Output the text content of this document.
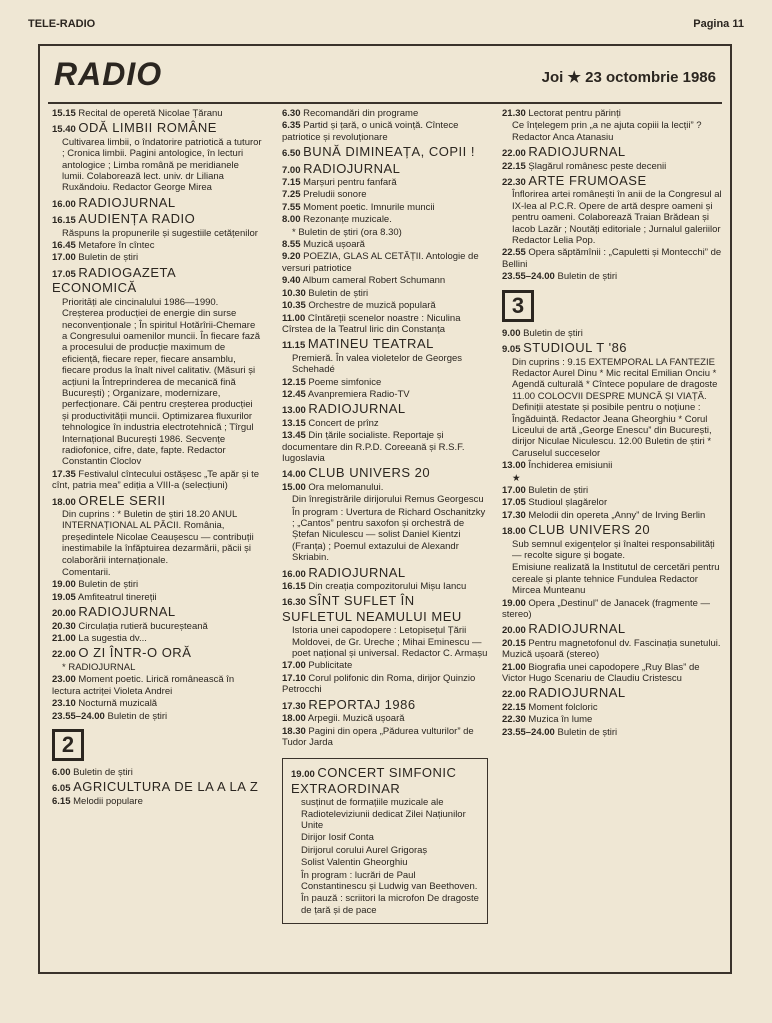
TELE-RADIO	Pagina 11
RADIO	Joi ★ 23 octombrie 1986
15.15 Recital de operetă Nicolae Țăranu
15.40 ODĂ LIMBII ROMÂNE
Cultivarea limbii, o îndatorire patriotică a tuturor ; Cronica limbii. Pagini antologice, în lecturi antologice ; Limba română pe meridianele lumii. Colaborează lect. univ. dr Liliana Ruxăndoiu. Redactor George Mirea
16.00 RADIOJURNAL
16.15 AUDIENȚA RADIO
Răspuns la propunerile și sugestiile cetățenilor
16.45 Metafore în cîntec
17.00 Buletin de știri
17.05 RADIOGAZETA ECONOMICĂ
Prioritāți ale cincinalului 1986—1990. Creșterea producției de energie din surse neconvenționale ; În spiritul Hotărîrii-Chemare a Congresului oamenilor muncii. În fiecare fază a procesului de producție maximum de eficiență, fiecare reper, fiecare ansamblu, fiecare produs la înalt nivel calitativ. (Măsuri și acțiuni la Întreprinderea de mecanică fină București) ; Organizare, modernizare, perfecționare. Căi pentru creșterea producției și productivității muncii. Optimizarea fluxurilor tehnologice în industria electrotehnică ; Tîrgul Internațional București 1986. Secvențe radiofonice, cifre, date, fapte. Redactor Constantin Cloclov
17.35 Festivalul cîntecului ostășesc „Te apăr și te cînt, patria mea” ediția a VIII-a (selecțiuni)
18.00 ORELE SERII
Din cuprins : * Buletin de știri 18.20 ANUL INTERNAȚIONAL AL PĂCII. România, președintele Nicolae Ceaușescu — contribuții inestimabile la înfăptuirea dezarmării, păcii și colaborării internaționale.
Comentarii.
19.00 Buletin de știri
19.05 Amfiteatrul tinereții
20.00 RADIOJURNAL
20.30 Circulația rutieră bucureșteană
21.00 La sugestia dv...
22.00 O ZI ÎNTR-O ORĂ
* RADIOJURNAL
23.00 Moment poetic. Lirică românească în lectura actriței Violeta Andrei
23.10 Nocturnă muzicală
23.55–24.00 Buletin de știri
2
6.00 Buletin de știri
6.05 AGRICULTURA DE LA A LA Z
6.15 Melodii populare
6.30 Recomandări din programe
6.35 Partid și țară, o unică voință. Cîntece patriotice și revoluționare
6.50 BUNĂ DIMINEAȚA, COPII !
7.00 RADIOJURNAL
7.15 Marșuri pentru fanfară
7.25 Preludii sonore
7.55 Moment poetic. Imnurile muncii
8.00 Rezonanțe muzicale.
* Buletin de știri (ora 8.30)
8.55 Muzică ușoară
9.20 POEZIA, GLAS AL CETĂȚII. Antologie de versuri patriotice
9.40 Album cameral Robert Schumann
10.30 Buletin de știri
10.35 Orchestre de muzică populară
11.00 Cîntăreții scenelor noastre : Niculina Cîrstea de la Teatrul liric din Constanța
11.15 MATINEU TEATRAL
Premieră. În valea violetelor de Georges Schehadé
12.15 Poeme simfonice
12.45 Avanpremiera Radio-TV
13.00 RADIOJURNAL
13.15 Concert de prînz
13.45 Din țările socialiste. Reportaje și documentare din R.P.D. Coreeană și R.S.F. Iugoslavia
14.00 CLUB UNIVERS 20
15.00 Ora melomanului.
Din înregistrările dirijorului Remus Georgescu
În program : Uvertura de Richard Oschanitzky ; „Cantos” pentru saxofon și orchestră de Ștefan Niculescu — solist Daniel Kientzi (Franța) ; Poemul extazului de Alexandr Skriabin.
16.00 RADIOJURNAL
16.15 Din creația compozitorului Mișu Iancu
16.30 SÎNT SUFLET ÎN SUFLETUL NEAMULUI MEU
Istoria unei capodopere : Letopisețul Țării Moldovei, de Gr. Ureche ; Mihai Eminescu — poet național și universal. Redactor C. Armașu
17.00 Publicitate
17.10 Corul polifonic din Roma, dirijor Quinzio Petrocchi
17.30 REPORTAJ 1986
18.00 Arpegii. Muzică ușoară
18.30 Pagini din opera „Pădurea vulturilor” de Tudor Jarda
19.00 CONCERT SIMFONIC EXTRAORDINAR
susținut de formațiile muzicale ale Radioteleviziunii dedicat Zilei Națiunilor Unite
Dirijor Iosif Conta
Dirijorul corului Aurel Grigoraș
Solist Valentin Gheorghiu
În program : lucrări de Paul Constantinescu și Ludwig van Beethoven.
În pauză : scriitori la microfon De dragoste de țară și de pace
21.30 Lectorat pentru părinți
Ce înțelegem prin „a ne ajuta copiii la lecții” ? Redactor Anca Atanasiu
22.00 RADIOJURNAL
22.15 Șlagărul românesc peste decenii
22.30 ARTE FRUMOASE
Înflorirea artei românești în anii de la Congresul al IX-lea al P.C.R. Opere de artă despre oameni și pentru oameni. Colaborează Traian Brădean și Iacob Lazăr ; Noutăți editoriale ; Jurnalul galeriilor Redactor Lelia Pop.
22.55 Opera săptămînii : „Capuletti și Montecchi” de Bellini
23.55–24.00 Buletin de știri
3
9.00 Buletin de știri
9.05 STUDIOUL T '86
Din cuprins : 9.15 EXTEMPORAL LA FANTEZIE Redactor Aurel Dinu * Mic recital Emilian Onciu * Agendă culturală * Cîntece populare de dragoste 11.00 COLOCVII DESPRE MUNCĂ ȘI VIAȚĂ. Definiții atestate și posibile pentru o noțiune : Îngăduință. Redactor Jeana Gheorghiu * Corul Liceului de artă „George Enescu” din București, dirijor Niculae Niculescu. 12.00 Buletin de știri * Caruselul succeselor
13.00 Închiderea emisiunii
★
17.00 Buletin de știri
17.05 Studioul șlagărelor
17.30 Melodii din opereta „Anny” de Irving Berlin
18.00 CLUB UNIVERS 20
Sub semnul exigențelor și înaltei responsabilități — recolte sigure și bogate.
Emisiune realizată la Institutul de cercetări pentru cereale și plante tehnice Fundulea Redactor Mircea Munteanu
19.00 Opera „Destinul” de Janacek (fragmente — stereo)
20.00 RADIOJURNAL
20.15 Pentru magnetofonul dv. Fascinația sunetului. Muzică ușoară (stereo)
21.00 Biografia unei capodopere „Ruy Blas” de Victor Hugo Scenariu de Claudiu Cristescu
22.00 RADIOJURNAL
22.15 Moment folcloric
22.30 Muzica în lume
23.55–24.00 Buletin de știri
